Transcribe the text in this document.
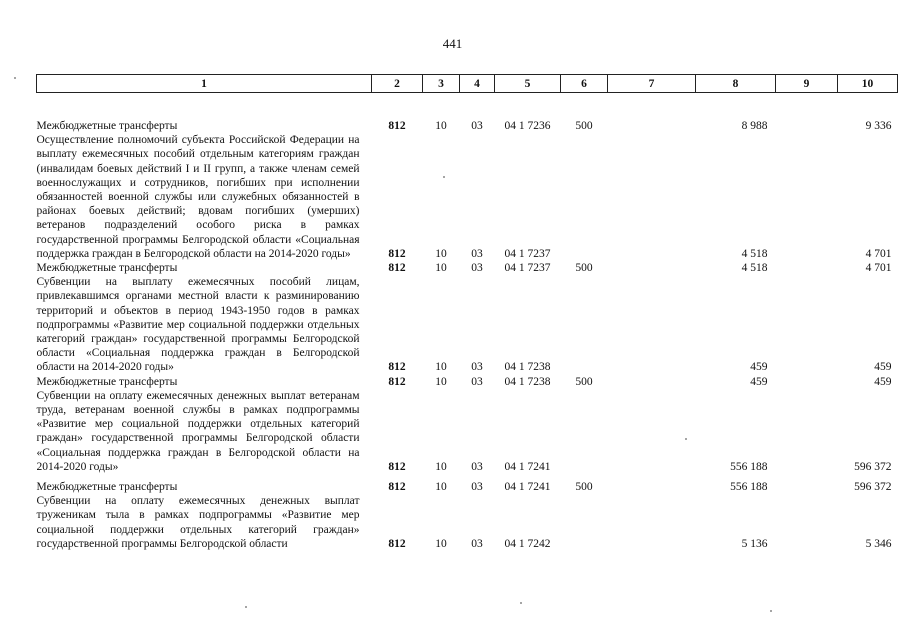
441
1	2	3	4	5	6	7	8	9	10

Межбюджетные трансферты	812	10	03	04 1 7236	500		8 988		9 336
Осуществление полномочий субъекта Российской Федерации на выплату ежемесячных пособий отдельным категориям граждан (инвалидам боевых действий I и II групп, а также членам семей военнослужащих и сотрудников, погибших при исполнении обязанностей военной службы или служебных обязанностей в районах боевых действий; вдовам погибших (умерших) ветеранов подразделений особого риска в рамках государственной программы Белгородской области «Социальная поддержка граждан в Белгородской области на 2014-2020 годы»	812	10	03	04 1 7237			4 518		4 701
Межбюджетные трансферты	812	10	03	04 1 7237	500		4 518		4 701
Субвенции на выплату ежемесячных пособий лицам, привлекавшимся органами местной власти к разминированию территорий и объектов в период 1943-1950 годов в рамках подпрограммы «Развитие мер социальной поддержки отдельных категорий граждан» государственной программы Белгородской области «Социальная поддержка граждан в Белгородской области на 2014-2020 годы»	812	10	03	04 1 7238			459		459
Межбюджетные трансферты	812	10	03	04 1 7238	500		459		459
Субвенции на оплату ежемесячных денежных выплат ветеранам труда, ветеранам военной службы в рамках подпрограммы «Развитие мер социальной поддержки отдельных категорий граждан» государственной программы Белгородской области «Социальная поддержка граждан в Белгородской области на 2014-2020 годы»	812	10	03	04 1 7241			556 188		596 372

Межбюджетные трансферты	812	10	03	04 1 7241	500		556 188		596 372
Субвенции на оплату ежемесячных денежных выплат труженикам тыла в рамках подпрограммы «Развитие мер социальной поддержки отдельных категорий граждан» государственной программы Белгородской области	812	10	03	04 1 7242			5 136		5 346
